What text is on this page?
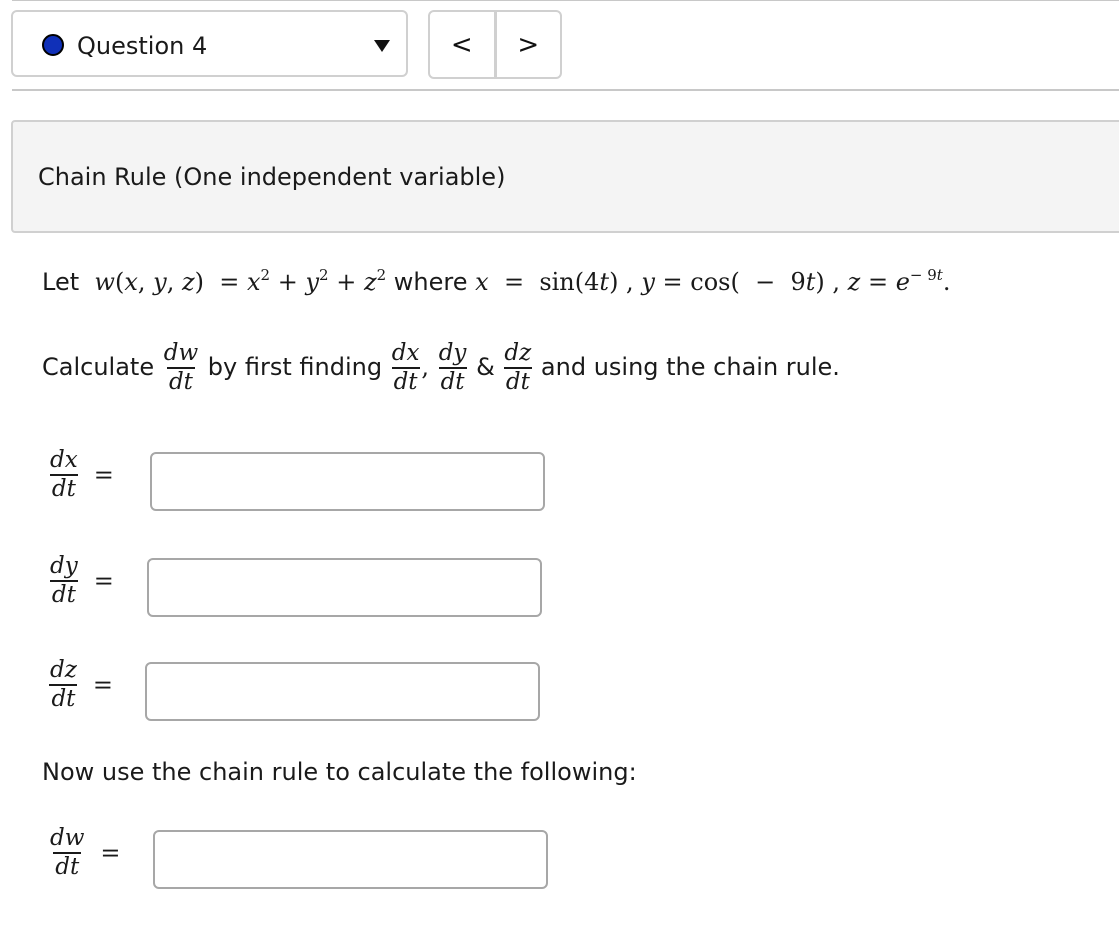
Question 4	<	>
Chain Rule (One independent variable)
Let w(x, y, $z) = x^2 + y^2 + z^2$ where x  =  sin(4t) , y = cos(  −  9t) , $z = e^{- 9t}$.
Calculate $\frac{dw}{dt}$ by first finding $\frac{dx}{dt}$ , $\frac{dy}{dt}$ & $\frac{dz}{dt}$ and using the chain rule.
$\frac{dx}{dt}$ =
$\frac{dy}{dt}$ =
$\frac{dz}{dt}$ =
Now use the chain rule to calculate the following:
$\frac{dw}{dt}$ =
